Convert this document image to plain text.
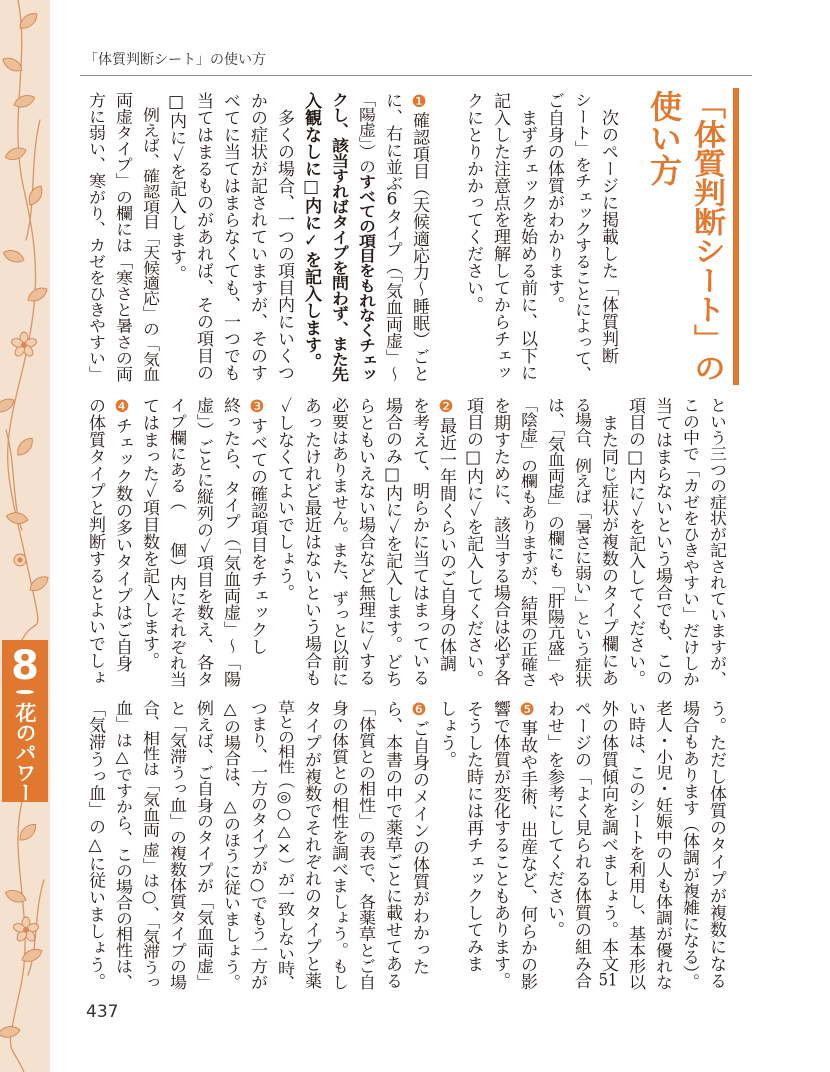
8
花のパワー
「体質判断シート」の使い方
「体質判断シート」の
使い方
　次のページに掲載した「体質判断
シート」をチェックすることによって、
ご自身の体質がわかります。
　まずチェックを始める前に、以下に
記入した注意点を理解してからチェッ
クにとりかかってください。
❶確認項目（天候適応力～睡眠）ごと
に、右に並ぶ6タイプ（「気血両虚」～
「陽虚」）のすべての項目をもれなくチェッ
クし、該当すればタイプを問わず、また先
入観なしに□内に✓を記入します。
　多くの場合、一つの項目内にいくつ
かの症状が記されていますが、そのす
べてに当てはまらなくても、一つでも
当てはまるものがあれば、その項目の
□内に✓を記入します。
　例えば、確認項目「天候適応」の「気血
両虚タイプ」の欄には「寒さと暑さの両
方に弱い、寒がり、カゼをひきやすい」
という三つの症状が記されていますが、
この中で「カゼをひきやすい」だけしか
当てはまらないという場合でも、この
項目の□内に✓を記入してください。
　また同じ症状が複数のタイプ欄にあ
る場合、例えば「暑さに弱い」という症状
は、「気血両虚」の欄にも「肝陽亢盛」や
「陰虚」の欄もありますが、結果の正確さ
を期すために、該当する場合は必ず各
項目の□内に✓を記入してください。
❷最近一年間くらいのご自身の体調
を考えて、明らかに当てはまっている
場合のみ□内に✓を記入します。どち
らともいえない場合など無理に✓する
必要はありません。また、ずっと以前に
あったけれど最近はないという場合も
✓しなくてよいでしょう。
❸すべての確認項目をチェックし
終ったら、タイプ（「気血両虚」～「陽
虚」）ごとに縦列の✓項目を数え、各タ
イプ欄にある（　　個）内にそれぞれ当
てはまった✓項目数を記入します。
❹チェック数の多いタイプはご自身
の体質タイプと判断するとよいでしょ
う。ただし体質のタイプが複数になる
場合もあります（体調が複雑になる）。
老人・小児・妊娠中の人も体調が優れな
い時は、このシートを利用し、基本形以
外の体質傾向を調べましょう。本文51
ページの「よく見られる体質の組み合
わせ」を参考にしてください。
❺事故や手術、出産など、何らかの影
響で体質が変化することもあります。
そうした時には再チェックしてみま
しょう。
❻ご自身のメインの体質がわかった
ら、本書の中で薬草ごとに載せてある
「体質との相性」の表で、各薬草とご自
身の体質との相性を調べましょう。もし
タイプが複数でそれぞれのタイプと薬
草との相性（◎○△×）が一致しない時、
つまり、一方のタイプが○でもう一方が
△の場合は、△のほうに従いましょう。
例えば、ご自身のタイプが「気血両虚」
と「気滞うっ血」の複数体質タイプの場
合、相性は「気血両 虚」は○、「気滞うっ
血」は△ですから、この場合の相性は、
「気滞うっ血」の△に従いましょう。
437
